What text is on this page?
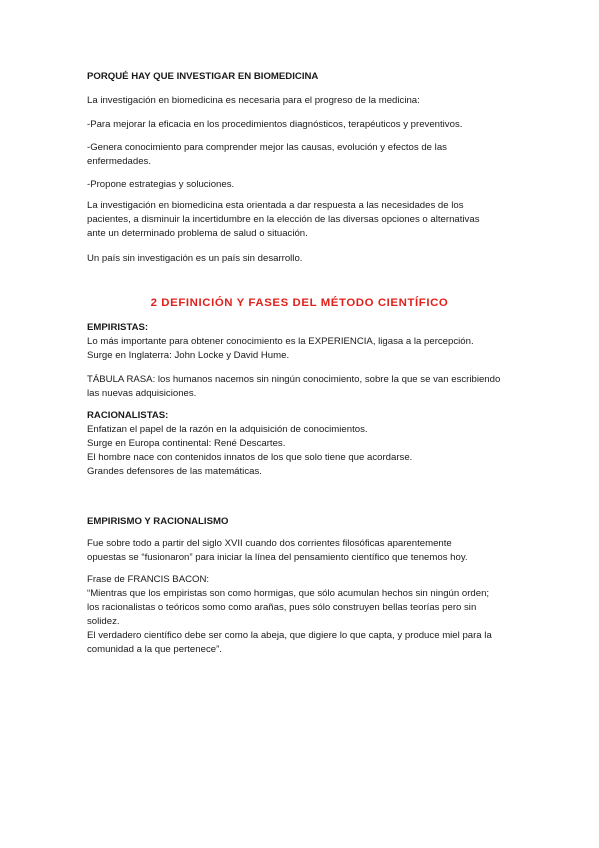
PORQUÉ HAY QUE INVESTIGAR EN BIOMEDICINA
La investigación en biomedicina es necesaria para el progreso de la medicina:
-Para mejorar la eficacia en los procedimientos diagnósticos, terapéuticos y preventivos.
-Genera conocimiento para comprender mejor las causas, evolución y efectos de las
enfermedades.
-Propone estrategias y soluciones.
La investigación en biomedicina esta orientada a dar respuesta a las necesidades de los
pacientes, a disminuir la incertidumbre en la elección de las diversas opciones o alternativas
ante un determinado problema de salud o situación.
Un país sin investigación es un país sin desarrollo.
2 DEFINICIÓN Y FASES DEL MÉTODO CIENTÍFICO
EMPIRISTAS:
Lo más importante para obtener conocimiento es la EXPERIENCIA, ligasa a la percepción.
Surge en Inglaterra: John Locke y David Hume.
TÁBULA RASA: los humanos nacemos sin ningún conocimiento, sobre la que se van escribiendo
las nuevas adquisiciones.
RACIONALISTAS:
Enfatizan el papel de la razón en la adquisición de conocimientos.
Surge en Europa continental: René Descartes.
El hombre nace con contenidos innatos de los que solo tiene que acordarse.
Grandes defensores de las matemáticas.
EMPIRISMO Y RACIONALISMO
Fue sobre todo a partir del siglo XVII cuando dos corrientes filosóficas aparentemente
opuestas se “fusionaron” para iniciar la línea del pensamiento científico que tenemos hoy.
Frase de FRANCIS BACON:
“Mientras que los empiristas son como hormigas, que sólo acumulan hechos sin ningún orden;
los racionalistas o teóricos somo como arañas, pues sólo construyen bellas teorías pero sin
solidez.
El verdadero científico debe ser como la abeja, que digiere lo que capta, y produce miel para la
comunidad a la que pertenece”.
